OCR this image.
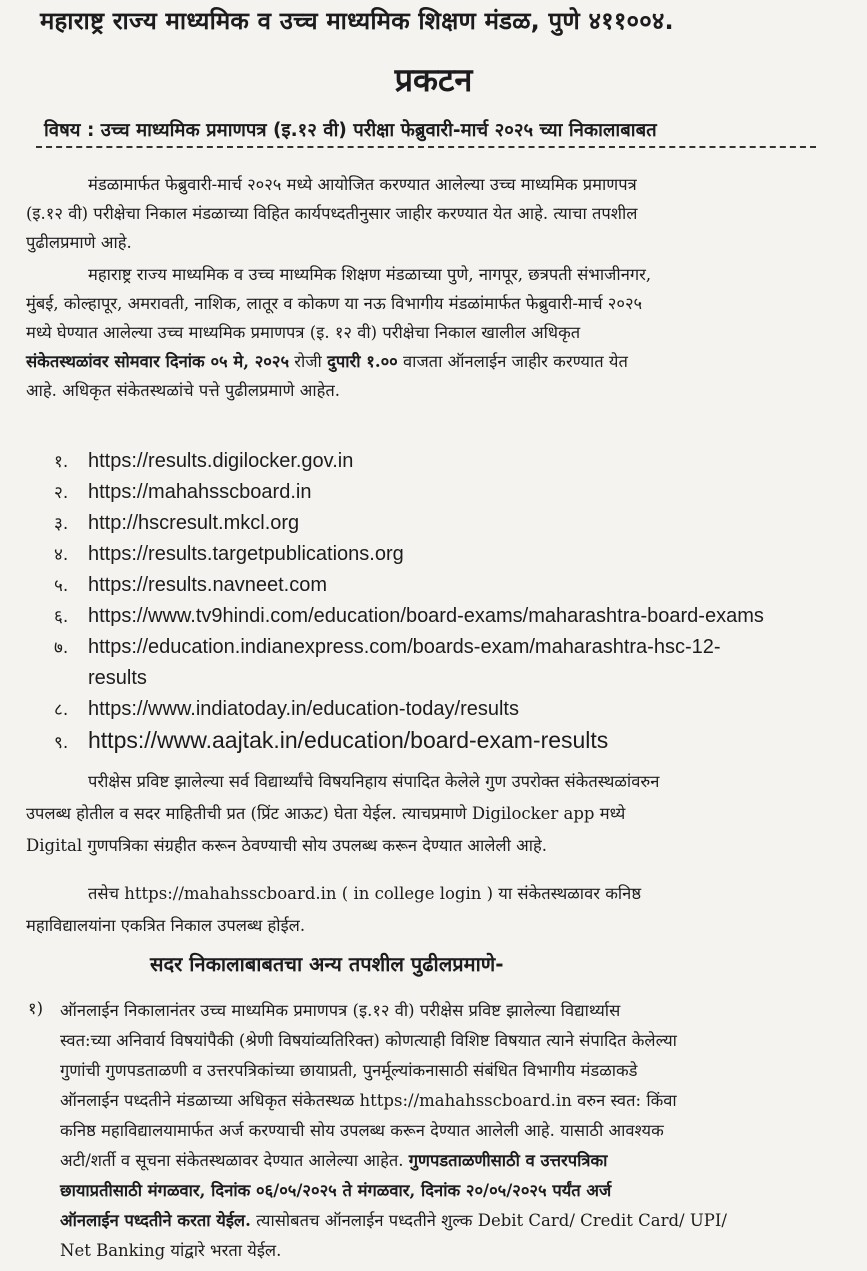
महाराष्ट्र राज्य माध्यमिक व उच्च माध्यमिक शिक्षण मंडळ, पुणे ४११००४.
प्रकटन
विषय : उच्च माध्यमिक प्रमाणपत्र (इ.१२ वी) परीक्षा फेब्रुवारी-मार्च २०२५ च्या निकालाबाबत
मंडळामार्फत फेब्रुवारी-मार्च २०२५ मध्ये आयोजित करण्यात आलेल्या उच्च माध्यमिक प्रमाणपत्र
(इ.१२ वी) परीक्षेचा निकाल मंडळाच्या विहित कार्यपध्दतीनुसार जाहीर करण्यात येत आहे. त्याचा तपशील
पुढीलप्रमाणे आहे.
महाराष्ट्र राज्य माध्यमिक व उच्च माध्यमिक शिक्षण मंडळाच्या पुणे, नागपूर, छत्रपती संभाजीनगर,
मुंबई, कोल्हापूर, अमरावती, नाशिक, लातूर व कोकण या नऊ विभागीय मंडळांमार्फत फेब्रुवारी-मार्च २०२५
मध्ये घेण्यात आलेल्या उच्च माध्यमिक प्रमाणपत्र (इ. १२ वी) परीक्षेचा निकाल खालील अधिकृत
संकेतस्थळांवर सोमवार दिनांक ०५ मे, २०२५ रोजी दुपारी १.०० वाजता ऑनलाईन जाहीर करण्यात येत
आहे. अधिकृत संकेतस्थळांचे पत्ते पुढीलप्रमाणे आहेत.
१. https://results.digilocker.gov.in
२. https://mahahsscboard.in
३. http://hscresult.mkcl.org
४. https://results.targetpublications.org
५. https://results.navneet.com
६. https://www.tv9hindi.com/education/board-exams/maharashtra-board-exams
७. https://education.indianexpress.com/boards-exam/maharashtra-hsc-12-
results
८. https://www.indiatoday.in/education-today/results
९. https://www.aajtak.in/education/board-exam-results
परीक्षेस प्रविष्ट झालेल्या सर्व विद्यार्थ्यांचे विषयनिहाय संपादित केलेले गुण उपरोक्त संकेतस्थळांवरुन
उपलब्ध होतील व सदर माहितीची प्रत (प्रिंट आऊट) घेता येईल. त्याचप्रमाणे Digilocker app मध्ये
Digital गुणपत्रिका संग्रहीत करून ठेवण्याची सोय उपलब्ध करून देण्यात आलेली आहे.
तसेच https://mahahsscboard.in ( in college login ) या संकेतस्थळावर कनिष्ठ
महाविद्यालयांना एकत्रित निकाल उपलब्ध होईल.
सदर निकालाबाबतचा अन्य तपशील पुढीलप्रमाणे-
१) ऑनलाईन निकालानंतर उच्च माध्यमिक प्रमाणपत्र (इ.१२ वी) परीक्षेस प्रविष्ट झालेल्या विद्यार्थ्यास
स्वत:च्या अनिवार्य विषयांपैकी (श्रेणी विषयांव्यतिरिक्त) कोणत्याही विशिष्ट विषयात त्याने संपादित केलेल्या
गुणांची गुणपडताळणी व उत्तरपत्रिकांच्या छायाप्रती, पुनर्मूल्यांकनासाठी संबंधित विभागीय मंडळाकडे
ऑनलाईन पध्दतीने मंडळाच्या अधिकृत संकेतस्थळ https://mahahsscboard.in वरुन स्वत: किंवा
कनिष्ठ महाविद्यालयामार्फत अर्ज करण्याची सोय उपलब्ध करून देण्यात आलेली आहे. यासाठी आवश्यक
अटी/शर्ती व सूचना संकेतस्थळावर देण्यात आलेल्या आहेत. गुणपडताळणीसाठी व उत्तरपत्रिका
छायाप्रतीसाठी मंगळवार, दिनांक ०६/०५/२०२५ ते मंगळवार, दिनांक २०/०५/२०२५ पर्यंत अर्ज
ऑनलाईन पध्दतीने करता येईल. त्यासोबतच ऑनलाईन पध्दतीने शुल्क Debit Card/ Credit Card/ UPI/
Net Banking यांद्वारे भरता येईल.
